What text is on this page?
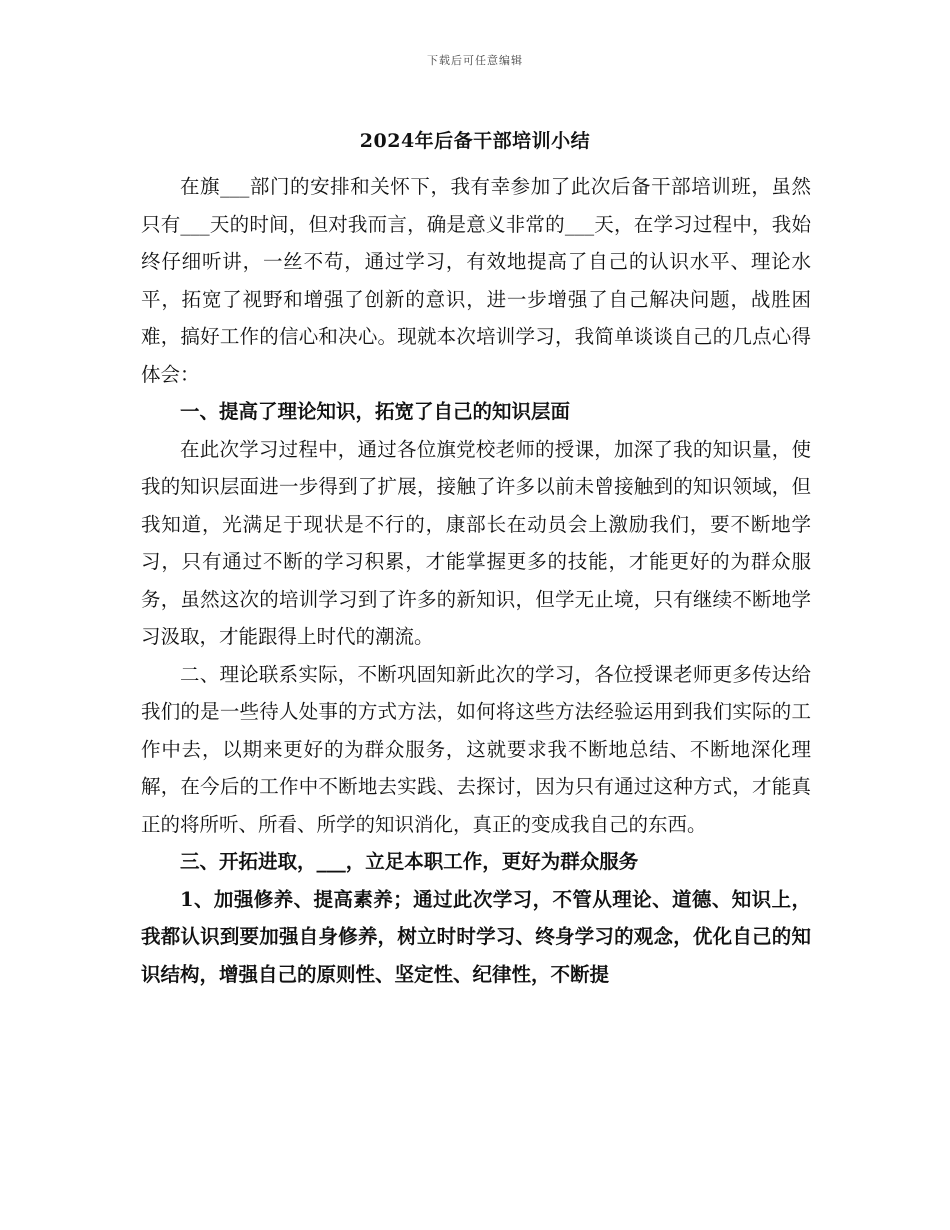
下载后可任意编辑
2024年后备干部培训小结

在旗___部门的安排和关怀下，我有幸参加了此次后备干部培训班，虽然只有___天的时间，但对我而言，确是意义非常的___天，在学习过程中，我始终仔细听讲，一丝不苟，通过学习，有效地提高了自己的认识水平、理论水平，拓宽了视野和增强了创新的意识，进一步增强了自己解决问题，战胜困难，搞好工作的信心和决心。现就本次培训学习，我简单谈谈自己的几点心得体会：

一、提高了理论知识，拓宽了自己的知识层面

在此次学习过程中，通过各位旗党校老师的授课，加深了我的知识量，使我的知识层面进一步得到了扩展，接触了许多以前未曾接触到的知识领域，但我知道，光满足于现状是不行的，康部长在动员会上激励我们，要不断地学习，只有通过不断的学习积累，才能掌握更多的技能，才能更好的为群众服务，虽然这次的培训学习到了许多的新知识，但学无止境，只有继续不断地学习汲取，才能跟得上时代的潮流。

二、理论联系实际，不断巩固知新此次的学习，各位授课老师更多传达给我们的是一些待人处事的方式方法，如何将这些方法经验运用到我们实际的工作中去，以期来更好的为群众服务，这就要求我不断地总结、不断地深化理解，在今后的工作中不断地去实践、去探讨，因为只有通过这种方式，才能真正的将所听、所看、所学的知识消化，真正的变成我自己的东西。

三、开拓进取，___，立足本职工作，更好为群众服务

1、加强修养、提高素养；通过此次学习，不管从理论、道德、知识上，我都认识到要加强自身修养，树立时时学习、终身学习的观念，优化自己的知识结构，增强自己的原则性、坚定性、纪律性，不断提
